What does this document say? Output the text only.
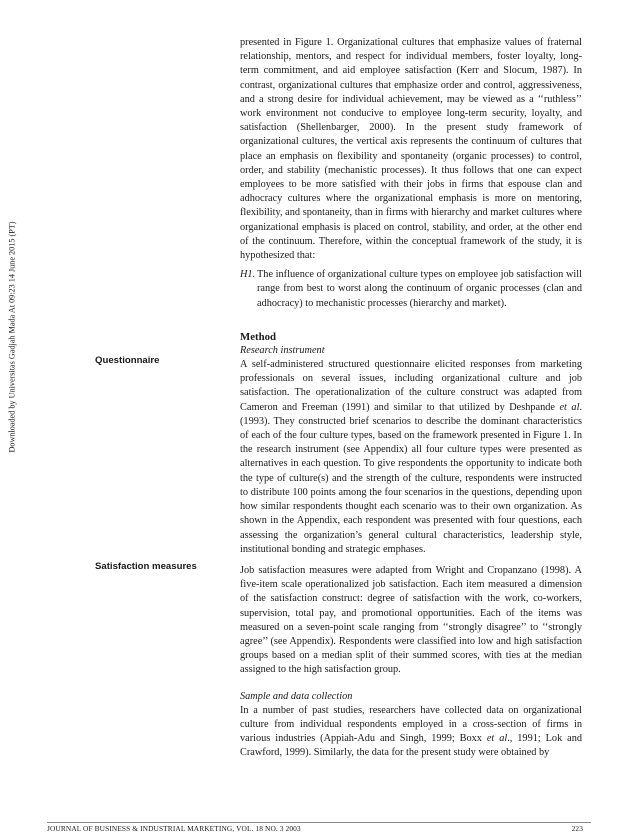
Downloaded by Universitas Gadjah Mada At 09:23 14 June 2015 (PT)	Questionnaire
Satisfaction measures

presented in Figure 1. Organizational cultures that emphasize values of fraternal relationship, mentors, and respect for individual members, foster loyalty, long-term commitment, and aid employee satisfaction (Kerr and Slocum, 1987). In contrast, organizational cultures that emphasize order and control, aggressiveness, and a strong desire for individual achievement, may be viewed as a ‘‘ruthless’’ work environment not conducive to employee long-term security, loyalty, and satisfaction (Shellenbarger, 2000). In the present study framework of organizational cultures, the vertical axis represents the continuum of cultures that place an emphasis on flexibility and spontaneity (organic processes) to control, order, and stability (mechanistic processes). It thus follows that one can expect employees to be more satisfied with their jobs in firms that espouse clan and adhocracy cultures where the organizational emphasis is more on mentoring, flexibility, and spontaneity, than in firms with hierarchy and market cultures where organizational emphasis is placed on control, stability, and order, at the other end of the continuum. Therefore, within the conceptual framework of the study, it is hypothesized that:

H1. The influence of organizational culture types on employee job satisfaction will range from best to worst along the continuum of organic processes (clan and adhocracy) to mechanistic processes (hierarchy and market).

Method

Research instrument

A self-administered structured questionnaire elicited responses from marketing professionals on several issues, including organizational culture and job satisfaction. The operationalization of the culture construct was adapted from Cameron and Freeman (1991) and similar to that utilized by Deshpande et al. (1993). They constructed brief scenarios to describe the dominant characteristics of each of the four culture types, based on the framework presented in Figure 1. In the research instrument (see Appendix) all four culture types were presented as alternatives in each question. To give respondents the opportunity to indicate both the type of culture(s) and the strength of the culture, respondents were instructed to distribute 100 points among the four scenarios in the questions, depending upon how similar respondents thought each scenario was to their own organization. As shown in the Appendix, each respondent was presented with four questions, each assessing the organization’s general cultural characteristics, leadership style, institutional bonding and strategic emphases.

Job satisfaction measures were adapted from Wright and Cropanzano (1998). A five-item scale operationalized job satisfaction. Each item measured a dimension of the satisfaction construct: degree of satisfaction with the work, co-workers, supervision, total pay, and promotional opportunities. Each of the items was measured on a seven-point scale ranging from ‘‘strongly disagree’’ to ‘‘strongly agree’’ (see Appendix). Respondents were classified into low and high satisfaction groups based on a median split of their summed scores, with ties at the median assigned to the high satisfaction group.

Sample and data collection

In a number of past studies, researchers have collected data on organizational culture from individual respondents employed in a cross-section of firms in various industries (Appiah-Adu and Singh, 1999; Boxx et al., 1991; Lok and Crawford, 1999). Similarly, the data for the present study were obtained by

JOURNAL OF BUSINESS & INDUSTRIAL MARKETING, VOL. 18 NO. 3 2003	223
